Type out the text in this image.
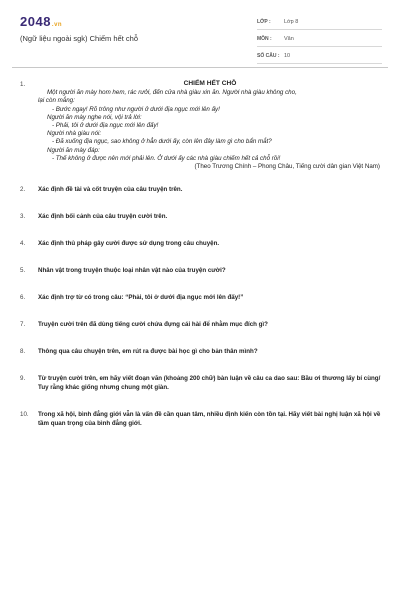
2048.vn
(Ngữ liệu ngoài sgk) Chiếm hết chỗ
LỚP :	Lớp 8
MÔN :	Văn
SỐ CÂU : 10
1.	CHIẾM HẾT CHỖ
Một người ăn mày hom hem, rác rưởi, đến cửa nhà giàu xin ăn. Người nhà giàu không cho,
lại còn mắng:
- Bước ngay! Rõ trông như người ở dưới địa ngục mới lên ấy!
Người ăn mày nghe nói, vội trả lời:
- Phải, tôi ở dưới địa ngục mới lên đấy!
Người nhà giàu nói:
- Đã xuống địa ngục, sao không ở hẳn dưới ấy, còn lên đây làm gì cho bẩn mắt?
Người ăn mày đáp:
- Thế không ở được nên mới phải lên. Ở dưới ấy các nhà giàu chiếm hết cả chỗ rồi!
(Theo Trương Chính – Phong Châu, Tiếng cười dân gian Việt Nam)
2. Xác định đề tài và cốt truyện của câu truyện trên.
3. Xác định bối cảnh của câu truyện cười trên.
4. Xác định thủ pháp gây cười được sử dụng trong câu chuyện.
5. Nhân vật trong truyện thuộc loại nhân vật nào của truyện cười?
6. Xác định trợ từ có trong câu: “Phải, tôi ở dưới địa ngục mới lên đấy!”
7. Truyện cười trên đã dùng tiếng cười chứa đựng cái hài để nhằm mục đích gì?
8. Thông qua câu chuyện trên, em rút ra được bài học gì cho bản thân mình?
9. Từ truyện cười trên, em hãy viết đoạn văn (khoảng 200 chữ) bàn luận về câu ca dao sau: Bầu ơi thương lấy bí cùng/ Tuy rằng khác giống nhưng chung một giàn.
10. Trong xã hội, bình đẳng giới vẫn là vấn đề cần quan tâm, nhiều định kiến còn tồn tại. Hãy viết bài nghị luận xã hội về tầm quan trọng của bình đẳng giới.
